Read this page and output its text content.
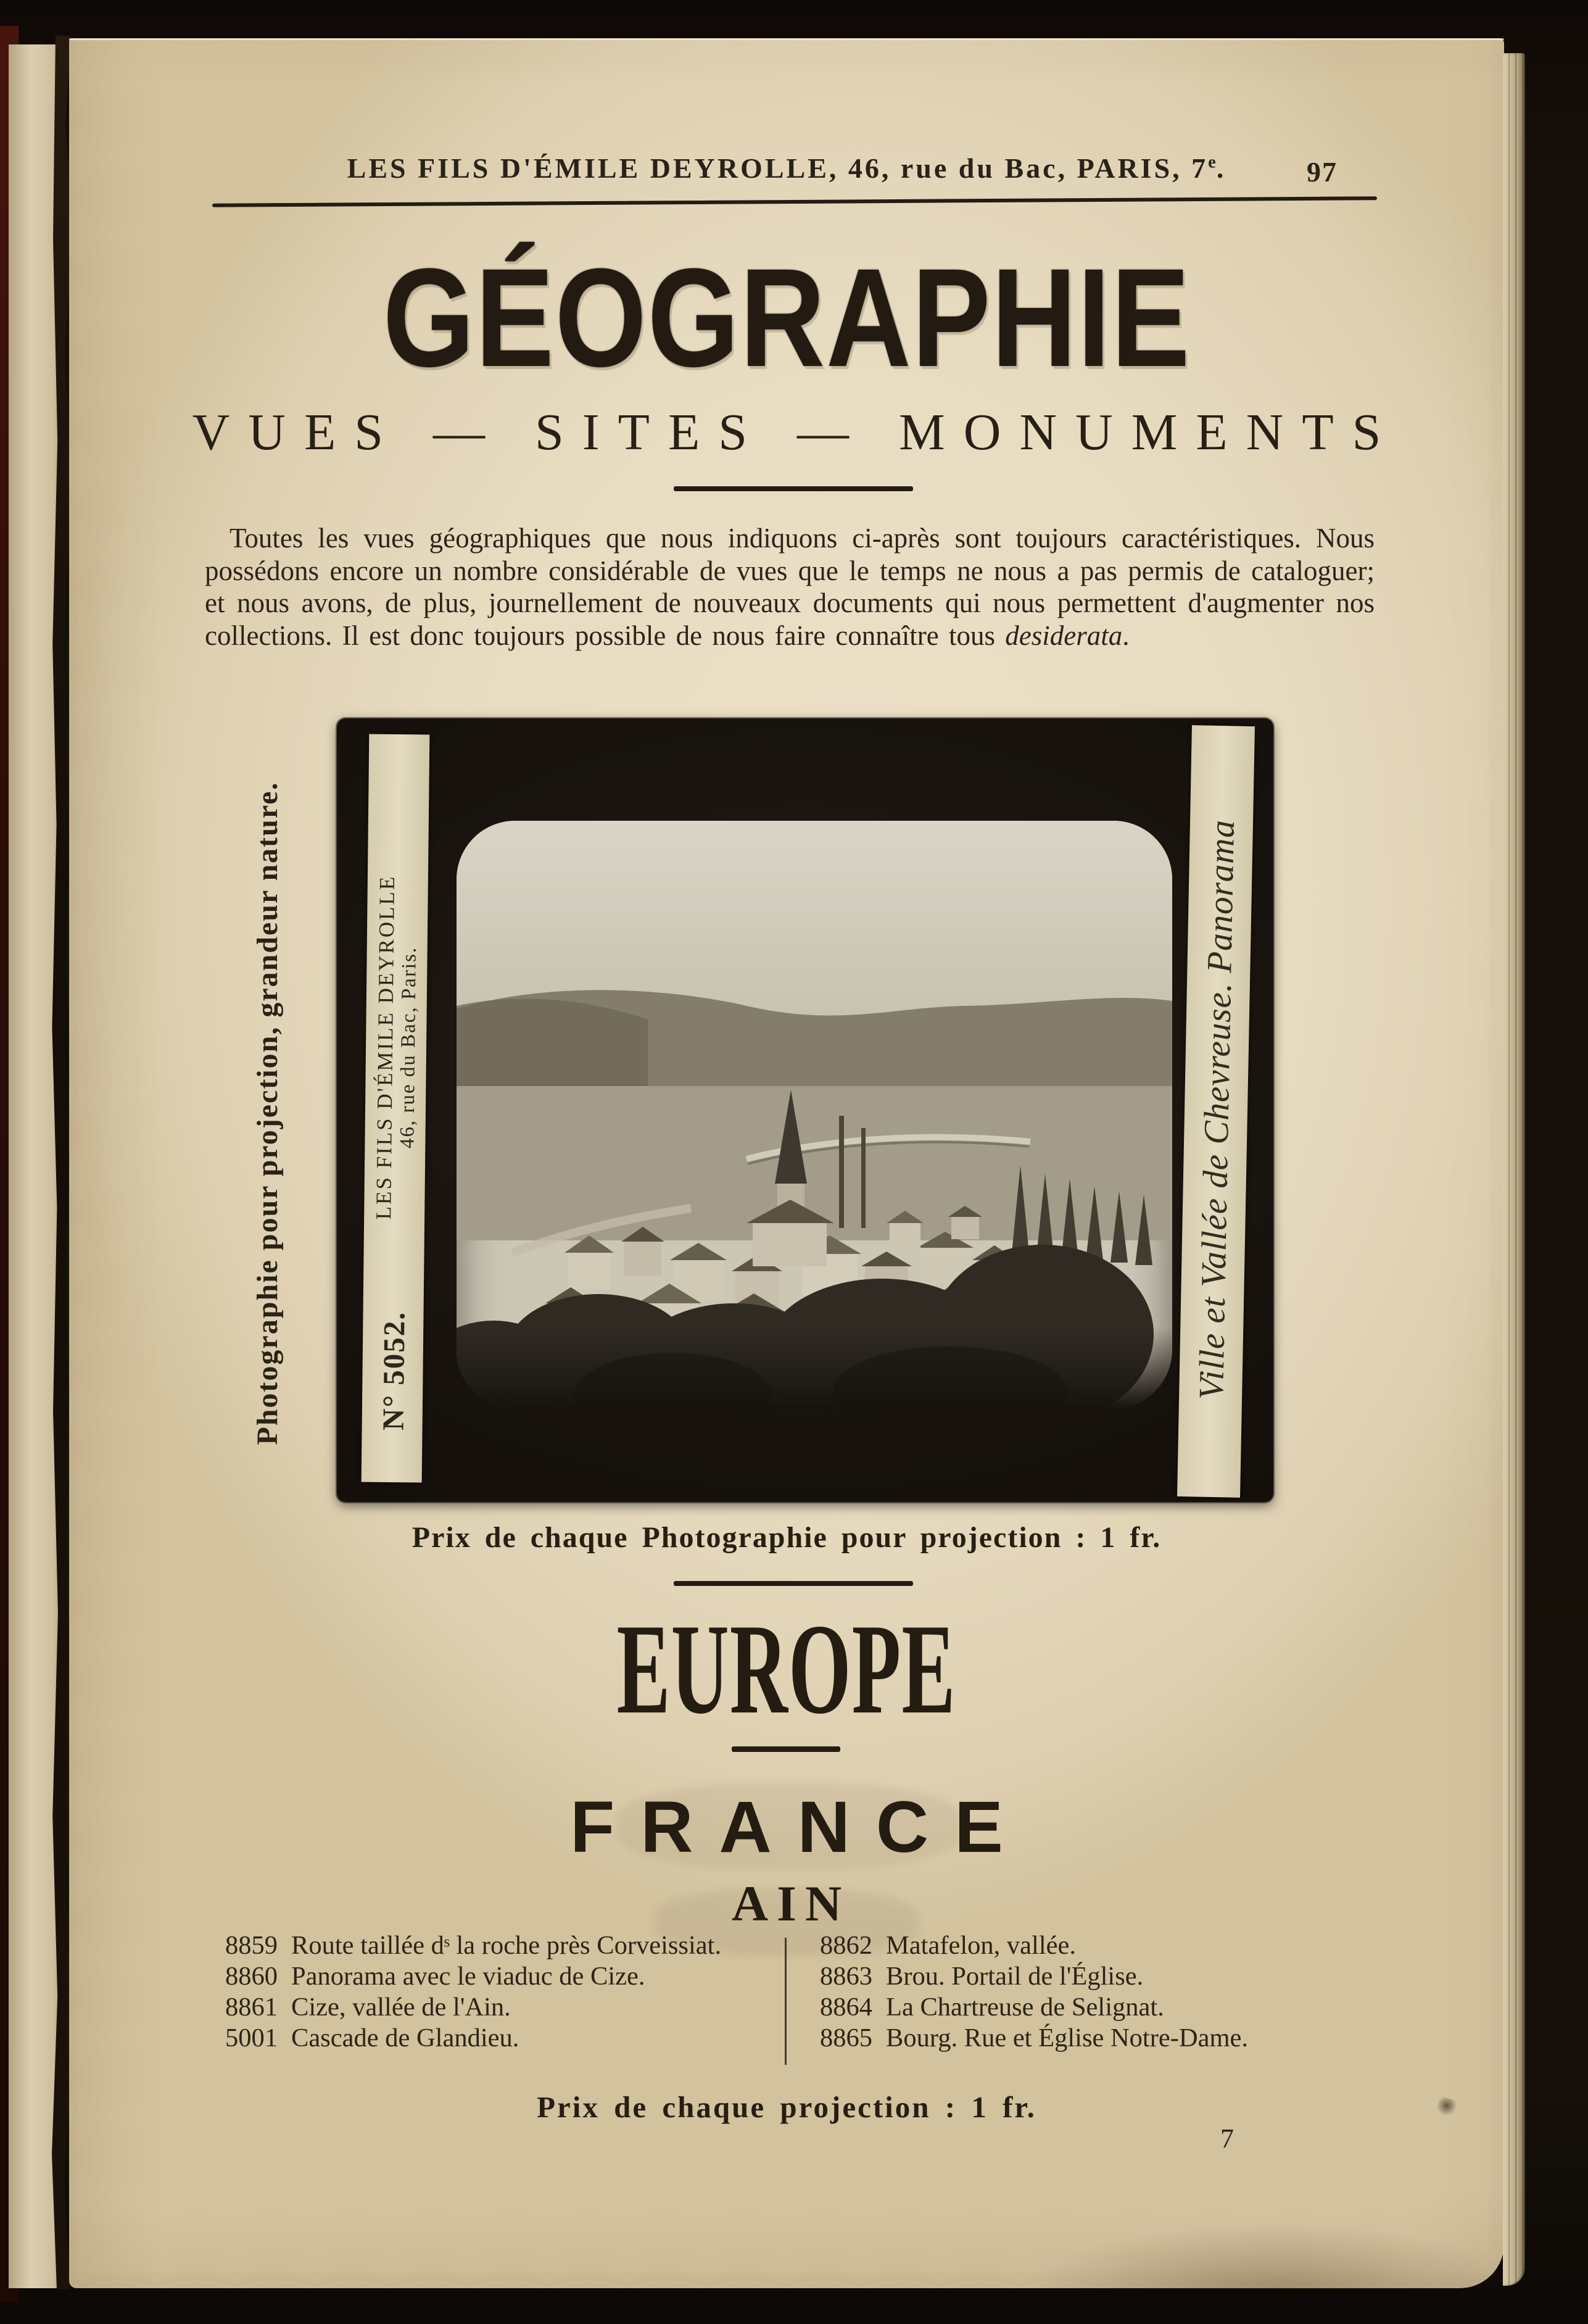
LES FILS D'ÉMILE DEYROLLE, 46, rue du Bac, PARIS, 7e.	97
GÉOGRAPHIE
VUES — SITES — MONUMENTS
Toutes les vues géographiques que nous indiquons ci-après sont toujours caractéristiques. Nous possédons encore un nombre considérable de vues que le temps ne nous a pas permis de cataloguer; et nous avons, de plus, journellement de nouveaux documents qui nous permettent d'augmenter nos collections. Il est donc toujours possible de nous faire connaître tous desiderata.
Photographie pour projection, grandeur nature.	N° 5052.
LES FILS D'ÉMILE DEYROLLE
46, rue du Bac, Paris.	Ville et Vallée de Chevreuse. Panorama
Prix de chaque Photographie pour projection : 1 fr.
EUROPE
FRANCE
AIN
8859 Route taillée dˢ la roche près Corveissiat.
8860 Panorama avec le viaduc de Cize.
8861 Cize, vallée de l'Ain.
5001 Cascade de Glandieu.
8862 Matafelon, vallée.
8863 Brou. Portail de l'Église.
8864 La Chartreuse de Selignat.
8865 Bourg. Rue et Église Notre-Dame.
Prix de chaque projection : 1 fr.
7
